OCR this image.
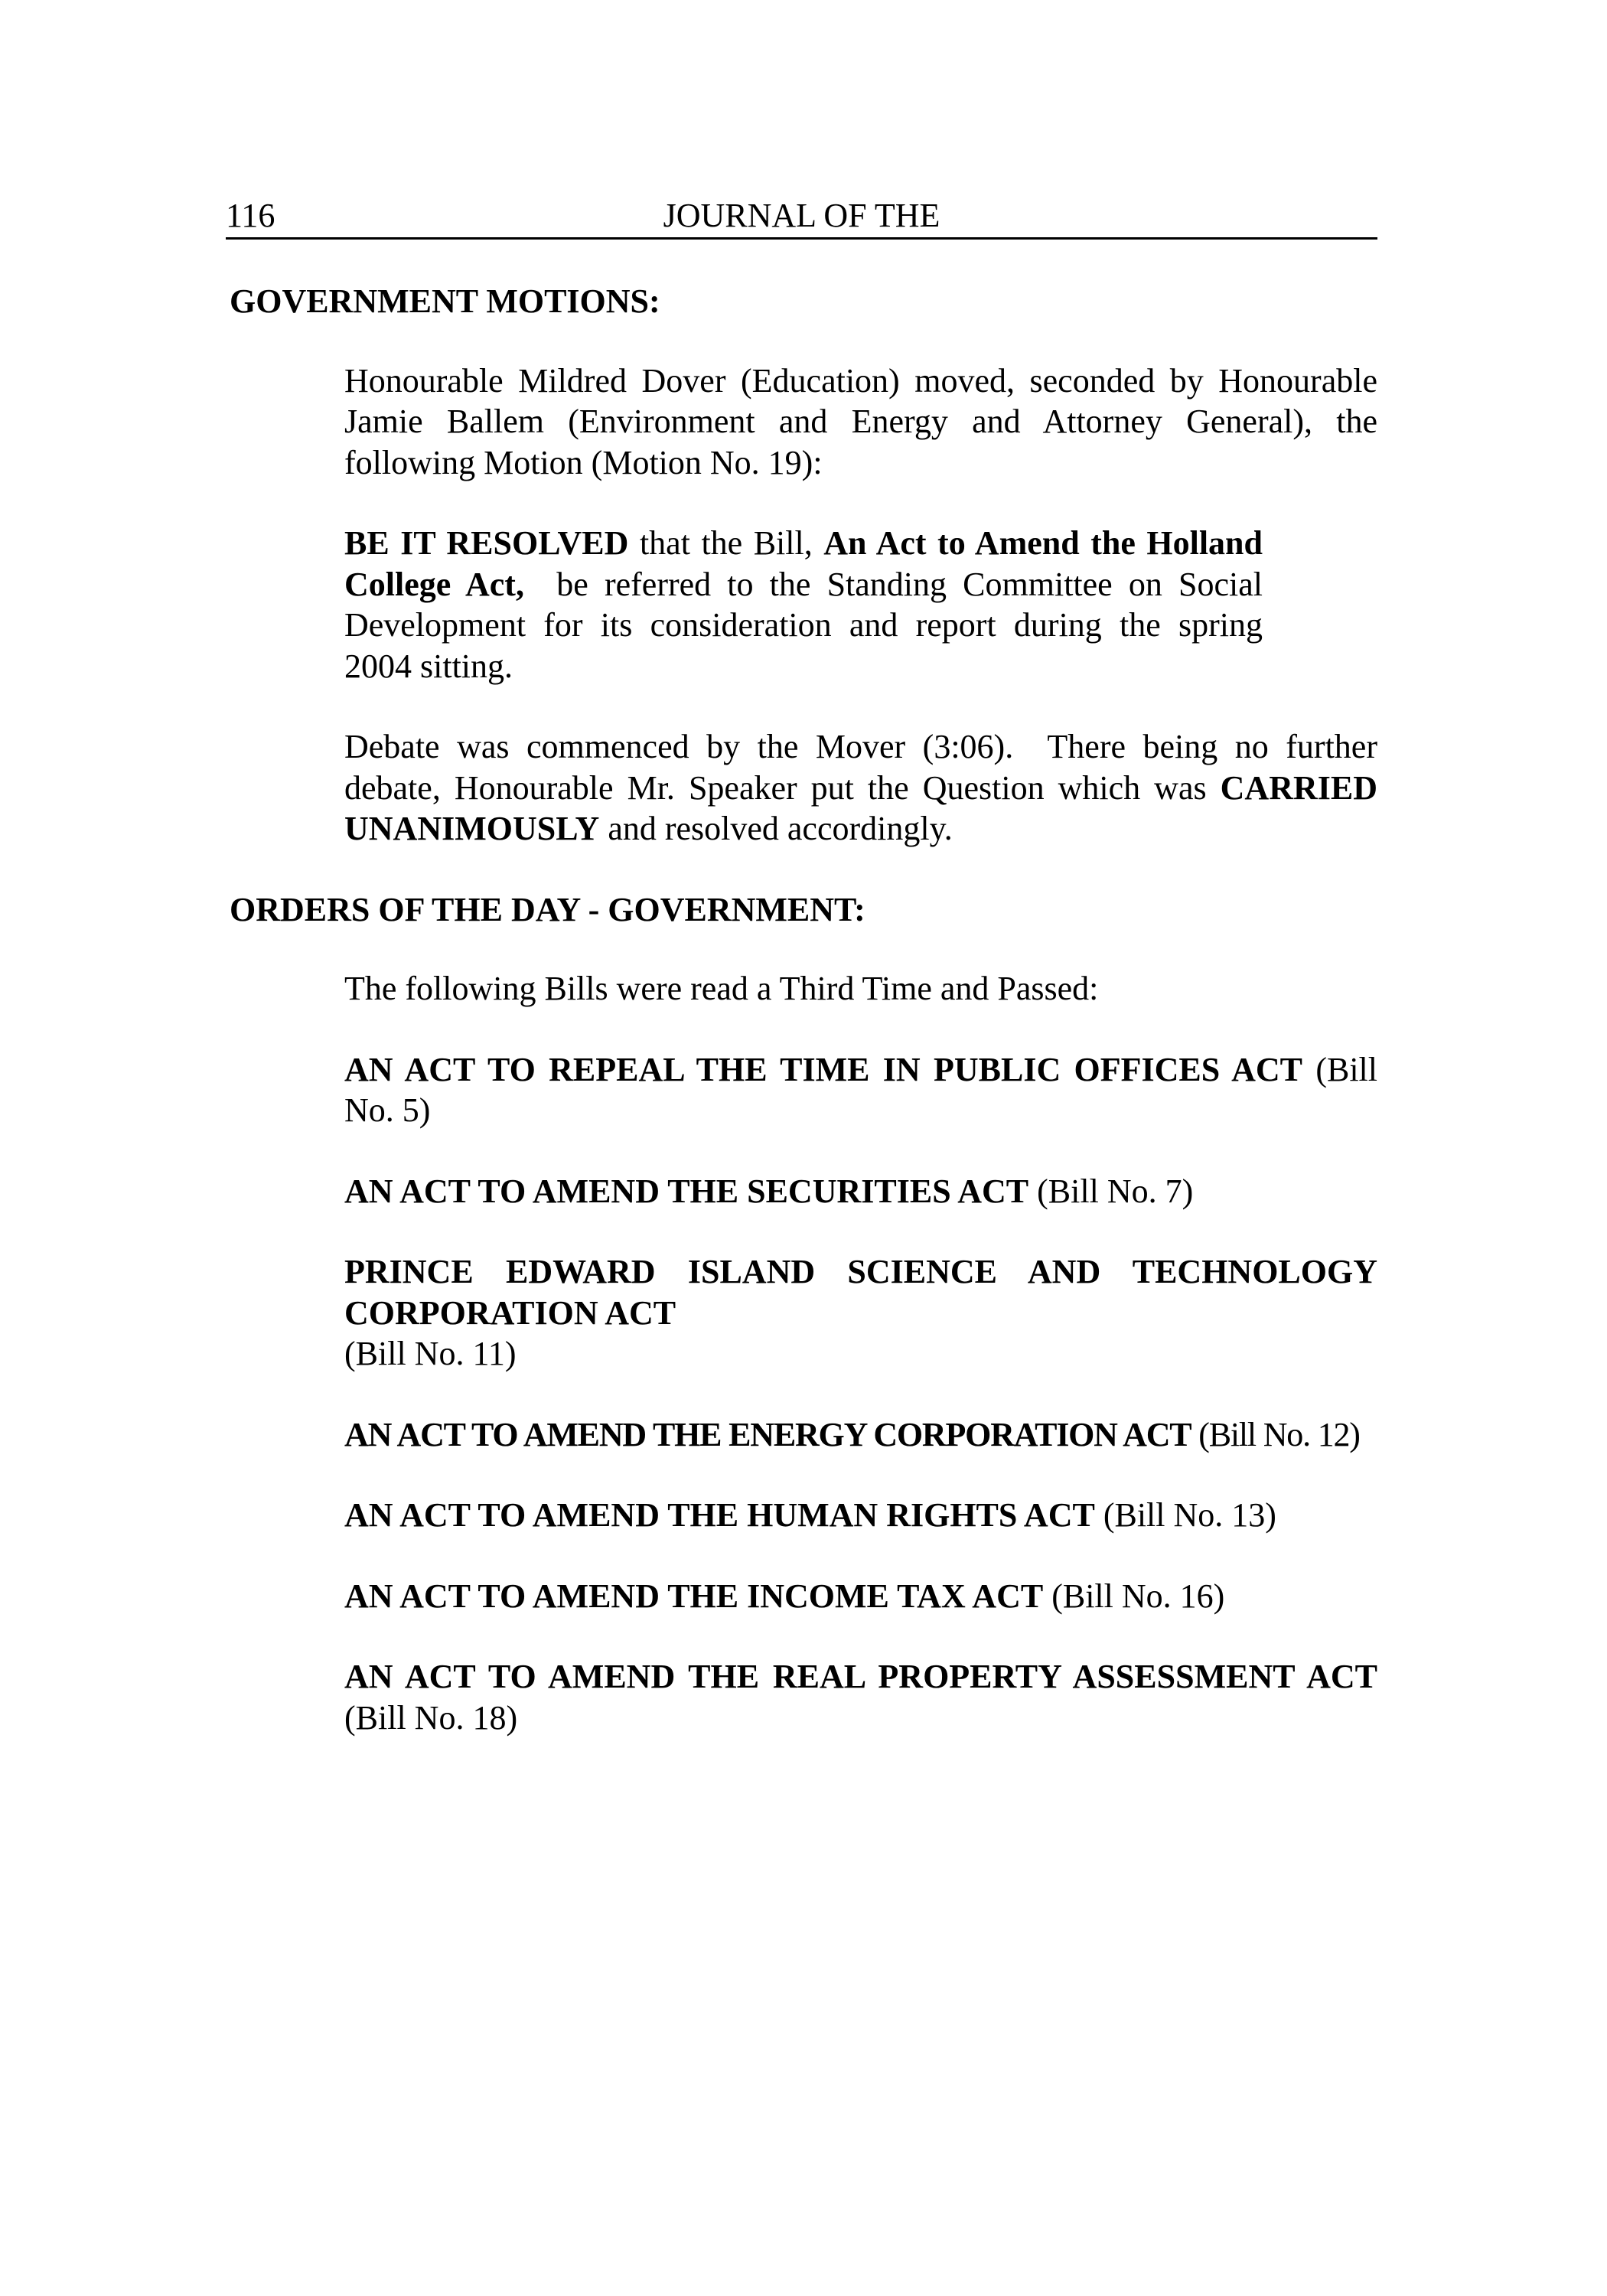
116	JOURNAL OF THE
GOVERNMENT MOTIONS:

Honourable Mildred Dover (Education) moved, seconded by Honourable Jamie Ballem (Environment and Energy and Attorney General), the following Motion (Motion No. 19):

BE IT RESOLVED that the Bill, An Act to Amend the Holland College Act,  be referred to the Standing Committee on Social Development for its consideration and report during the spring 2004 sitting.

Debate was commenced by the Mover (3:06).  There being no further debate, Honourable Mr. Speaker put the Question which was CARRIED UNANIMOUSLY and resolved accordingly.

ORDERS OF THE DAY - GOVERNMENT:

The following Bills were read a Third Time and Passed:

AN ACT TO REPEAL THE TIME IN PUBLIC OFFICES ACT (Bill No. 5)

AN ACT TO AMEND THE SECURITIES ACT (Bill No. 7)

PRINCE EDWARD ISLAND SCIENCE AND TECHNOLOGY
CORPORATION ACT
(Bill No. 11)

AN ACT TO AMEND THE ENERGY CORPORATION ACT (Bill No. 12)

AN ACT TO AMEND THE HUMAN RIGHTS ACT (Bill No. 13)

AN ACT TO AMEND THE INCOME TAX ACT (Bill No. 16)

AN ACT TO AMEND THE REAL PROPERTY ASSESSMENT ACT (Bill No. 18)
